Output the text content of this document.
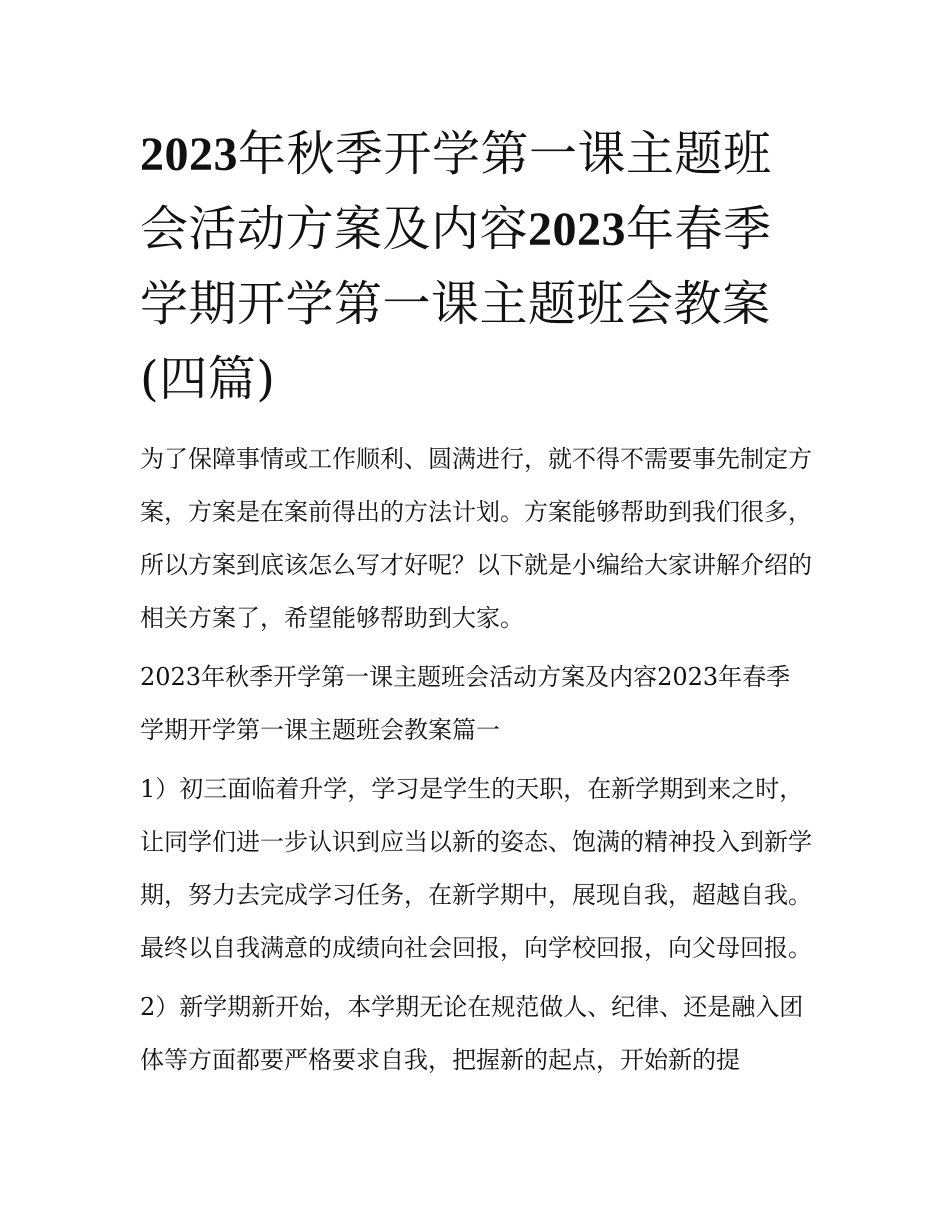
2023年秋季开学第一课主题班会活动方案及内容2023年春季学期开学第一课主题班会教案(四篇)

为了保障事情或工作顺利、圆满进行，就不得不需要事先制定方案，方案是在案前得出的方法计划。方案能够帮助到我们很多，所以方案到底该怎么写才好呢？以下就是小编给大家讲解介绍的相关方案了，希望能够帮助到大家。

2023年秋季开学第一课主题班会活动方案及内容2023年春季学期开学第一课主题班会教案篇一

1）初三面临着升学，学习是学生的天职，在新学期到来之时，让同学们进一步认识到应当以新的姿态、饱满的精神投入到新学期，努力去完成学习任务，在新学期中，展现自我，超越自我。最终以自我满意的成绩向社会回报，向学校回报，向父母回报。

2）新学期新开始，本学期无论在规范做人、纪律、还是融入团体等方面都要严格要求自我，把握新的起点，开始新的提
